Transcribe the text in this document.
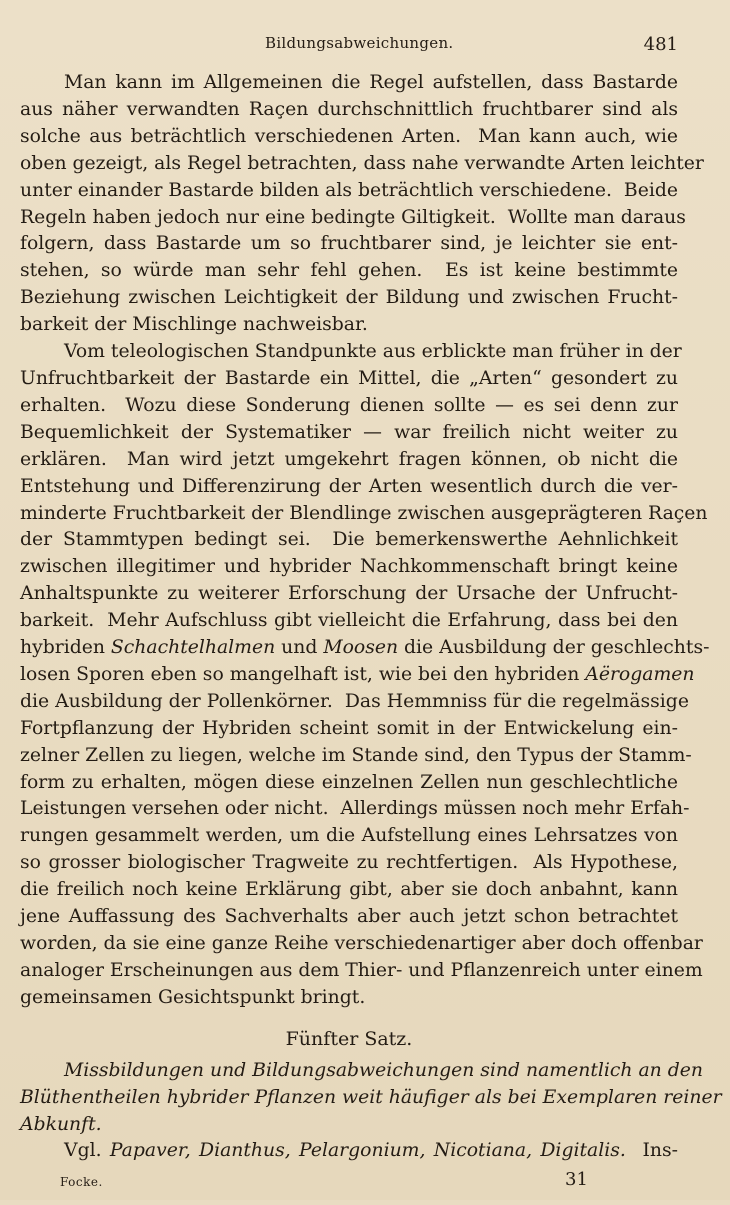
Bildungsabweichungen.	481
Man kann im Allgemeinen die Regel aufstellen, dass Bastarde
aus näher verwandten Raçen durchschnittlich fruchtbarer sind als
solche aus beträchtlich verschiedenen Arten.  Man kann auch, wie
oben gezeigt, als Regel betrachten, dass nahe verwandte Arten leichter
unter einander Bastarde bilden als beträchtlich verschiedene.  Beide
Regeln haben jedoch nur eine bedingte Giltigkeit.  Wollte man daraus
folgern, dass Bastarde um so fruchtbarer sind, je leichter sie ent-
stehen, so würde man sehr fehl gehen.  Es ist keine bestimmte
Beziehung zwischen Leichtigkeit der Bildung und zwischen Frucht-
barkeit der Mischlinge nachweisbar.
Vom teleologischen Standpunkte aus erblickte man früher in der
Unfruchtbarkeit der Bastarde ein Mittel, die „Arten“ gesondert zu
erhalten.  Wozu diese Sonderung dienen sollte — es sei denn zur
Bequemlichkeit der Systematiker — war freilich nicht weiter zu
erklären.  Man wird jetzt umgekehrt fragen können, ob nicht die
Entstehung und Differenzirung der Arten wesentlich durch die ver-
minderte Fruchtbarkeit der Blendlinge zwischen ausgeprägteren Raçen
der Stammtypen bedingt sei.  Die bemerkenswerthe Aehnlichkeit
zwischen illegitimer und hybrider Nachkommenschaft bringt keine
Anhaltspunkte zu weiterer Erforschung der Ursache der Unfrucht-
barkeit.  Mehr Aufschluss gibt vielleicht die Erfahrung, dass bei den
hybriden Schachtelhalmen und Moosen die Ausbildung der geschlechts-
losen Sporen eben so mangelhaft ist, wie bei den hybriden Aërogamen
die Ausbildung der Pollenkörner.  Das Hemmniss für die regelmässige
Fortpflanzung der Hybriden scheint somit in der Entwickelung ein-
zelner Zellen zu liegen, welche im Stande sind, den Typus der Stamm-
form zu erhalten, mögen diese einzelnen Zellen nun geschlechtliche
Leistungen versehen oder nicht.  Allerdings müssen noch mehr Erfah-
rungen gesammelt werden, um die Aufstellung eines Lehrsatzes von
so grosser biologischer Tragweite zu rechtfertigen.  Als Hypothese,
die freilich noch keine Erklärung gibt, aber sie doch anbahnt, kann
jene Auffassung des Sachverhalts aber auch jetzt schon betrachtet
worden, da sie eine ganze Reihe verschiedenartiger aber doch offenbar
analoger Erscheinungen aus dem Thier- und Pflanzenreich unter einem
gemeinsamen Gesichtspunkt bringt.
Fünfter Satz.
Missbildungen und Bildungsabweichungen sind namentlich an den
Blüthentheilen hybrider Pflanzen weit häufiger als bei Exemplaren reiner
Abkunft.
Vgl. Papaver, Dianthus, Pelargonium, Nicotiana, Digitalis.  Ins-
Focke.	31
